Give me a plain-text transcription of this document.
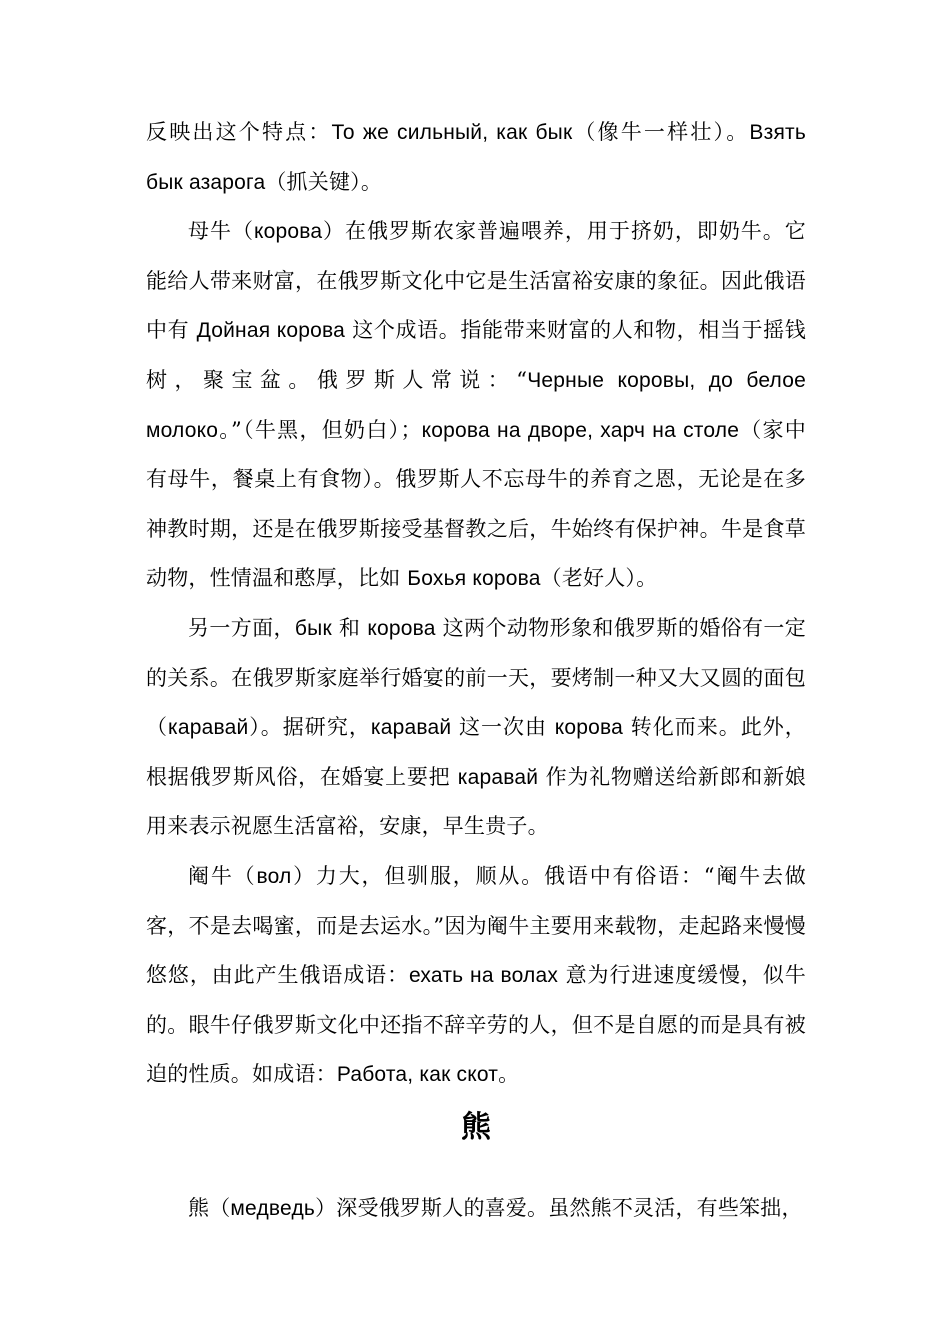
反映出这个特点：То же сильный, как бык（像牛一样壮）。Взять бык азарога（抓关键）。

母牛（корова）在俄罗斯农家普遍喂养，用于挤奶，即奶牛。它能给人带来财富，在俄罗斯文化中它是生活富裕安康的象征。因此俄语中有 Дойная корова 这个成语。指能带来财富的人和物，相当于摇钱树，聚宝盆。俄罗斯人常说：“Черные коровы, до белое молоко。”（牛黑，但奶白）；корова на дворе, харч на столе（家中有母牛，餐桌上有食物）。俄罗斯人不忘母牛的养育之恩，无论是在多神教时期，还是在俄罗斯接受基督教之后，牛始终有保护神。牛是食草动物，性情温和憨厚，比如 Бохья корова（老好人）。

另一方面，бык 和 корова 这两个动物形象和俄罗斯的婚俗有一定的关系。在俄罗斯家庭举行婚宴的前一天，要烤制一种又大又圆的面包（каравай）。据研究，каравай 这一次由 корова 转化而来。此外，根据俄罗斯风俗，在婚宴上要把 каравай 作为礼物赠送给新郎和新娘用来表示祝愿生活富裕，安康，早生贵子。

阉牛（вол）力大，但驯服，顺从。俄语中有俗语：“阉牛去做客，不是去喝蜜，而是去运水。”因为阉牛主要用来载物，走起路来慢慢悠悠，由此产生俄语成语：ехать на волах 意为行进速度缓慢，似牛的。眼牛仔俄罗斯文化中还指不辞辛劳的人，但不是自愿的而是具有被迫的性质。如成语：Работа, как скот。

熊

熊（медведь）深受俄罗斯人的喜爱。虽然熊不灵活，有些笨拙，
